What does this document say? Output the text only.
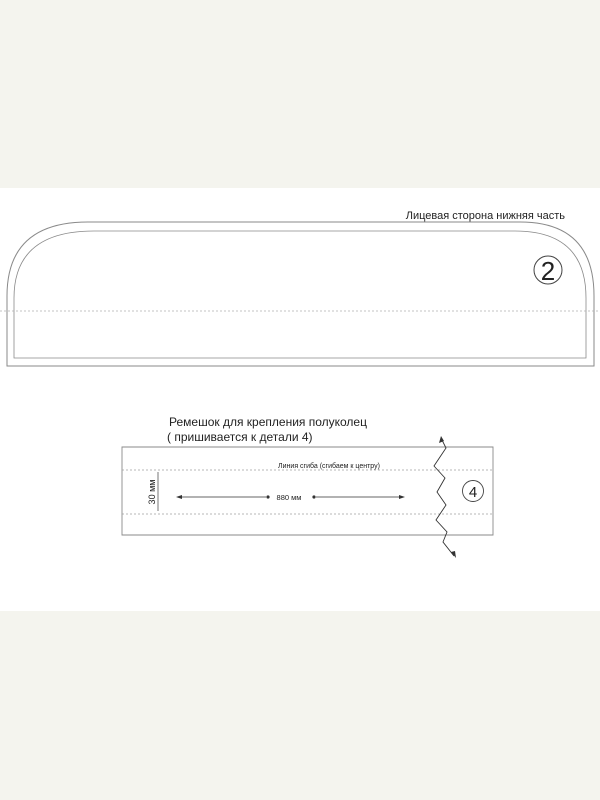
Лицевая сторона нижняя часть
2
Ремешок для крепления полуколец
( пришивается к детали 4)
Линия сгиба (сгибаем к центру)
30 мм	880 мм	4
